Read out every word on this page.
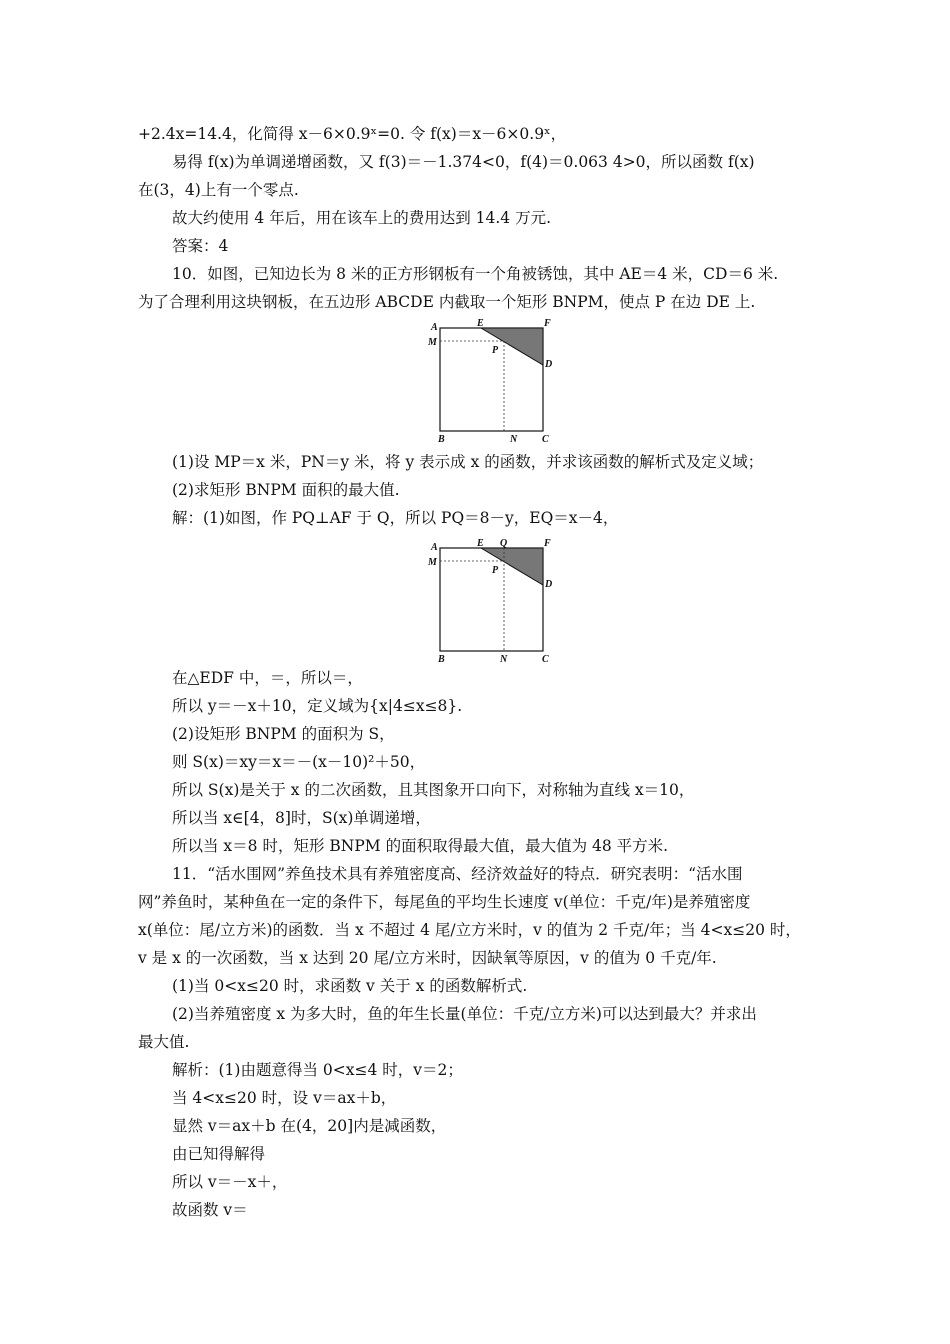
+2.4x=14.4，化简得 x－6×0.9ˣ=0. 令 f(x)＝x－6×0.9ˣ，
易得 f(x)为单调递增函数，又 f(3)＝－1.374<0，f(4)＝0.063 4>0，所以函数 f(x)
在(3，4)上有一个零点.
故大约使用 4 年后，用在该车上的费用达到 14.4 万元.
答案：4
10．如图，已知边长为 8 米的正方形钢板有一个角被锈蚀，其中 AE＝4 米，CD＝6 米.
为了合理利用这块钢板，在五边形 ABCDE 内截取一个矩形 BNPM，使点 P 在边 DE 上.
A	E	F
M
P
D
B	N C
(1)设 MP＝x 米，PN＝y 米，将 y 表示成 x 的函数，并求该函数的解析式及定义域；
(2)求矩形 BNPM 面积的最大值.
解：(1)如图，作 PQ⊥AF 于 Q，所以 PQ＝8－y，EQ＝x－4，
A	E Q	F
M
P
D
B	N	C
在△EDF 中，＝，所以＝，
所以 y＝－x＋10，定义域为{x|4≤x≤8}.
(2)设矩形 BNPM 的面积为 S，
则 S(x)＝xy＝x＝－(x－10)²＋50，
所以 S(x)是关于 x 的二次函数，且其图象开口向下，对称轴为直线 x＝10，
所以当 x∈[4，8]时，S(x)单调递增，
所以当 x＝8 时，矩形 BNPM 的面积取得最大值，最大值为 48 平方米.
11．“活水围网”养鱼技术具有养殖密度高、经济效益好的特点．研究表明：“活水围
网”养鱼时，某种鱼在一定的条件下，每尾鱼的平均生长速度 v(单位：千克/年)是养殖密度
x(单位：尾/立方米)的函数．当 x 不超过 4 尾/立方米时，v 的值为 2 千克/年；当 4<x≤20 时，
v 是 x 的一次函数，当 x 达到 20 尾/立方米时，因缺氧等原因，v 的值为 0 千克/年.
(1)当 0<x≤20 时，求函数 v 关于 x 的函数解析式.
(2)当养殖密度 x 为多大时，鱼的年生长量(单位：千克/立方米)可以达到最大？并求出
最大值.
解析：(1)由题意得当 0<x≤4 时，v＝2；
当 4<x≤20 时，设 v＝ax＋b，
显然 v＝ax＋b 在(4，20]内是减函数，
由已知得解得
所以 v＝－x＋，
故函数 v＝
